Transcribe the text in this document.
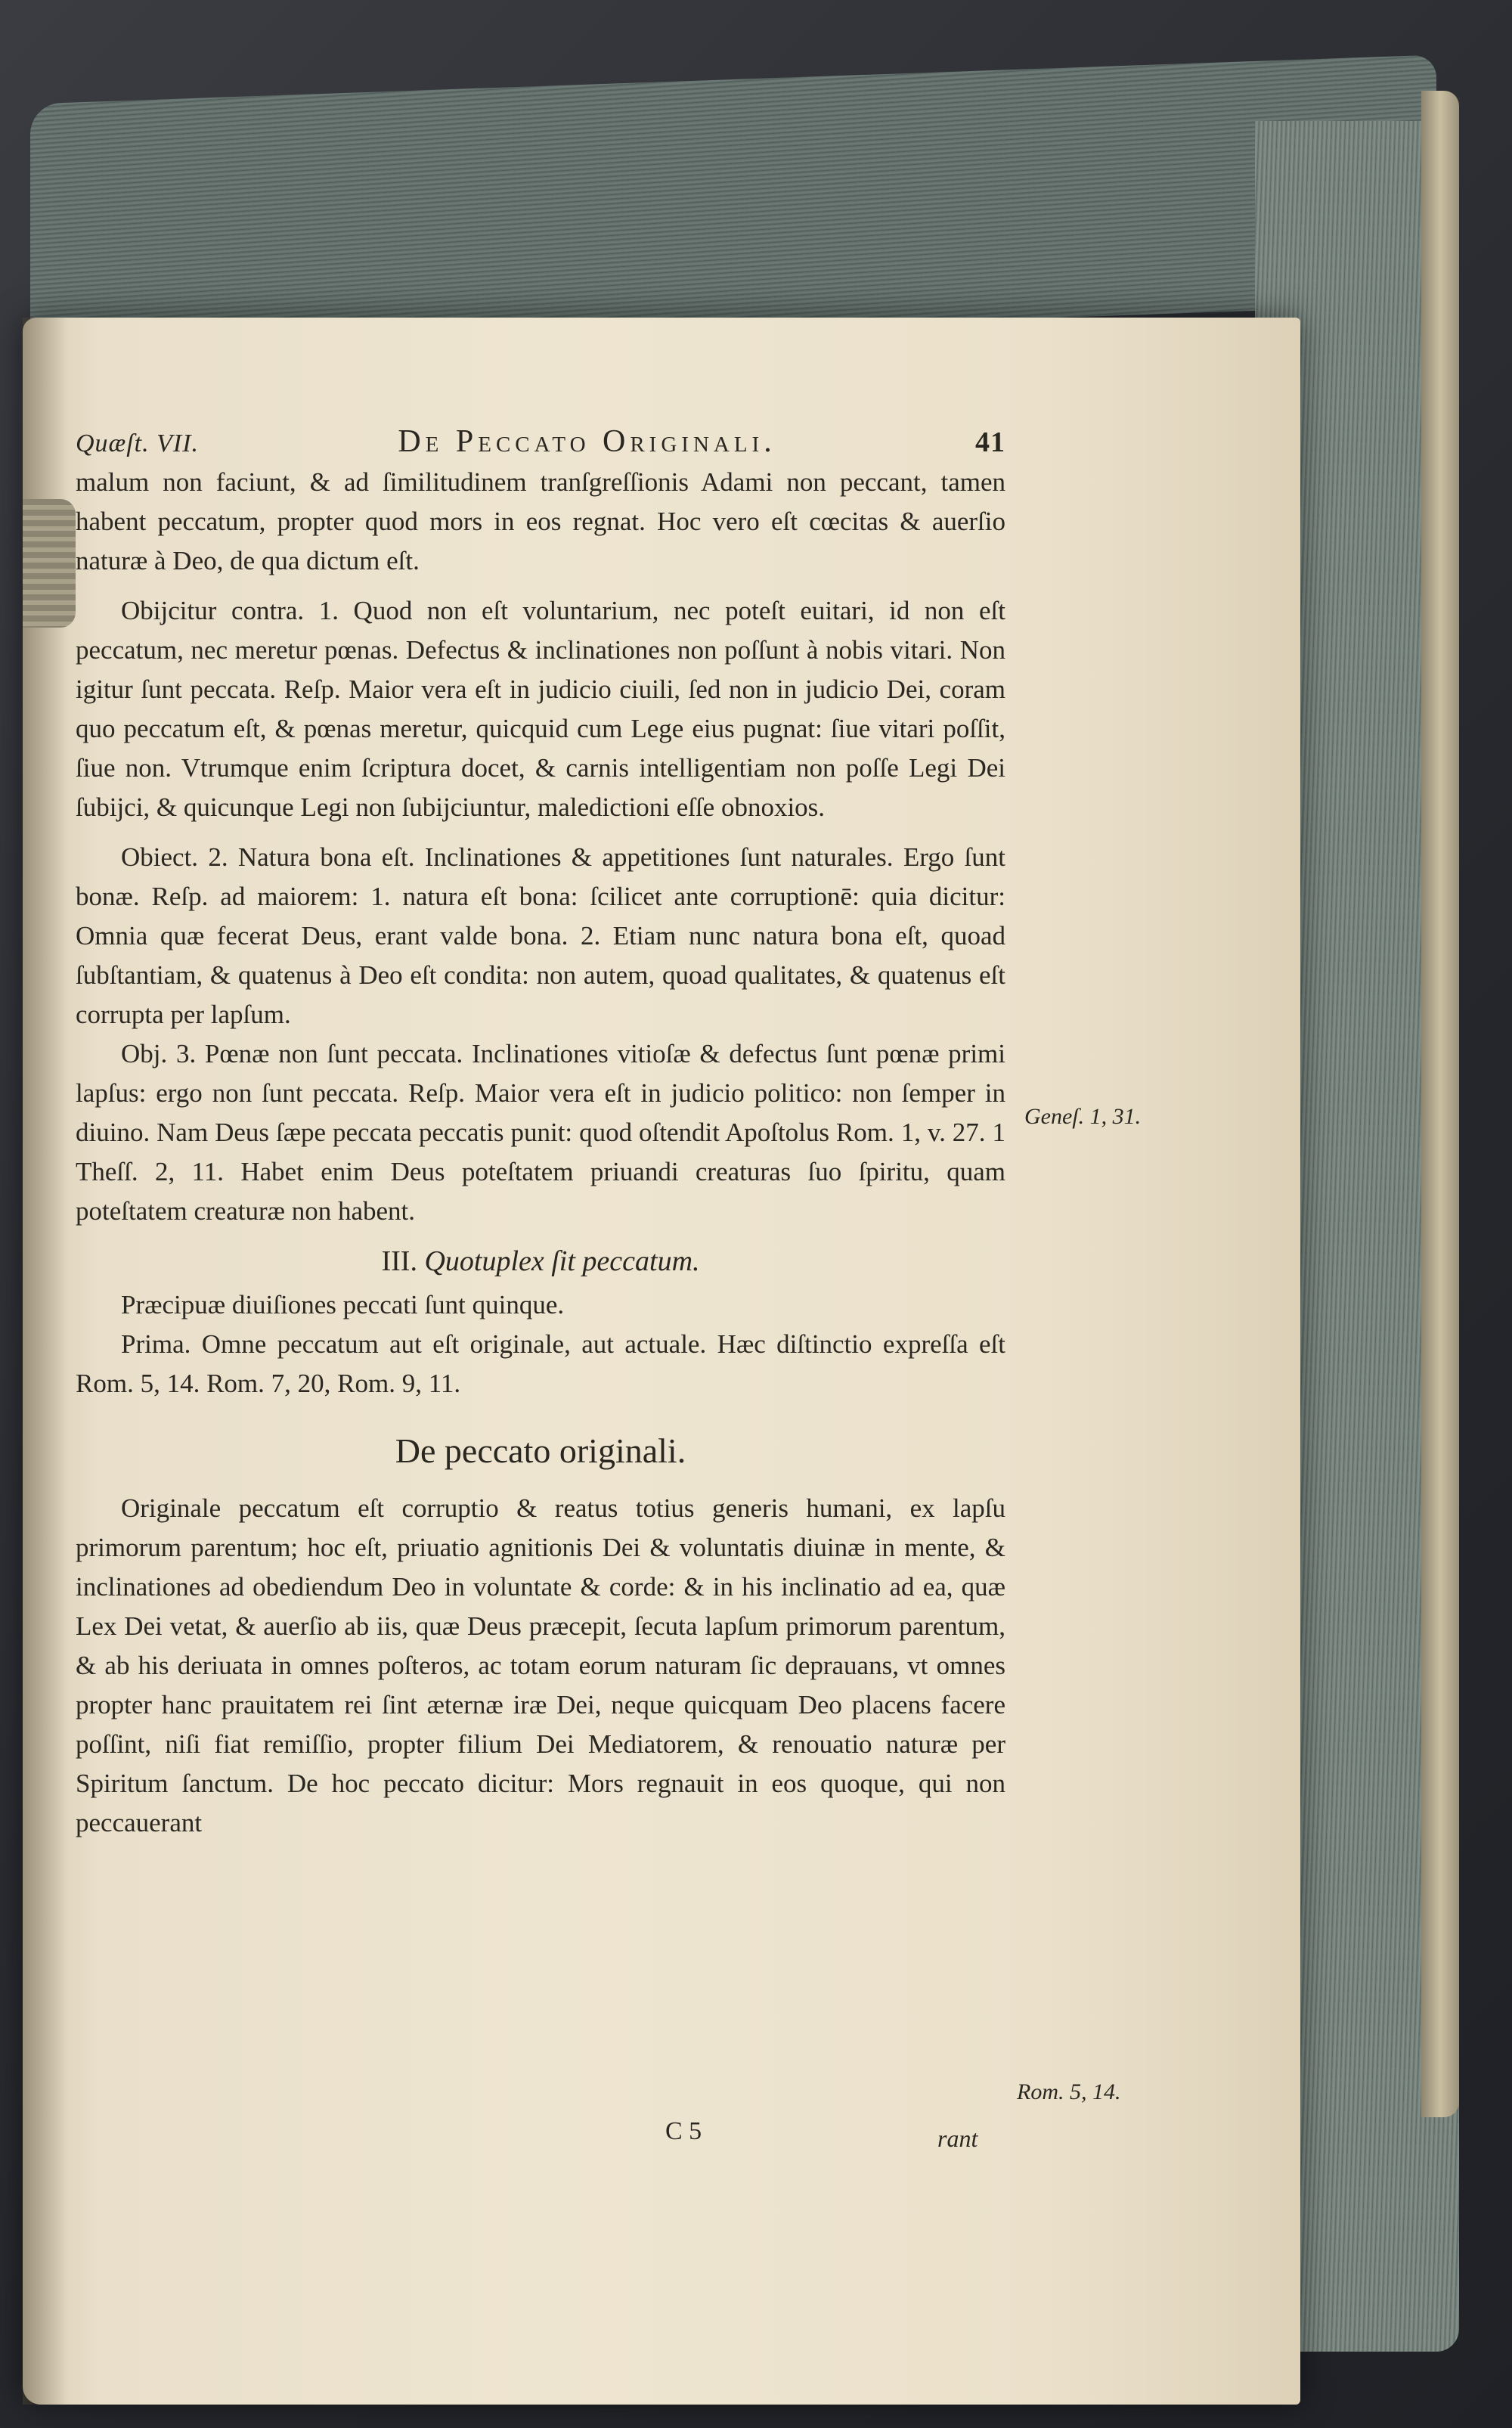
Quæſt. VII.	De Peccato Originali.	41

malum non faciunt, & ad ſimilitudinem tranſgreſſionis Adami non peccant, tamen habent peccatum, propter quod mors in eos regnat. Hoc vero eſt cœcitas & auerſio naturæ à Deo, de qua dictum eſt.

Obijcitur contra. 1. Quod non eſt voluntarium, nec poteſt euitari, id non eſt peccatum, nec meretur pœnas. Defectus & inclinationes non poſſunt à nobis vitari. Non igitur ſunt peccata. Reſp. Maior vera eſt in judicio ciuili, ſed non in judicio Dei, coram quo peccatum eſt, & pœnas meretur, quicquid cum Lege eius pugnat: ſiue vitari poſſit, ſiue non. Vtrumque enim ſcriptura docet, & carnis intelligentiam non poſſe Legi Dei ſubijci, & quicunque Legi non ſubijciuntur, maledictioni eſſe obnoxios.

Obiect. 2. Natura bona eſt. Inclinationes & appetitiones ſunt naturales. Ergo ſunt bonæ. Reſp. ad maiorem: 1. natura eſt bona: ſcilicet ante corruptionē: quia dicitur: Omnia quæ fecerat Deus, erant valde bona. 2. Etiam nunc natura bona eſt, quoad ſubſtantiam, & quatenus à Deo eſt condita: non autem, quoad qualitates, & quatenus eſt corrupta per lapſum.

Obj. 3. Pœnæ non ſunt peccata. Inclinationes vitioſæ & defectus ſunt pœnæ primi lapſus: ergo non ſunt peccata. Reſp. Maior vera eſt in judicio politico: non ſemper in diuino. Nam Deus ſæpe peccata peccatis punit: quod oſtendit Apoſtolus Rom. 1, v. 27. 1 Theſſ. 2, 11. Habet enim Deus poteſtatem priuandi creaturas ſuo ſpiritu, quam poteſtatem creaturæ non habent.

III. Quotuplex ſit peccatum.

Præcipuæ diuiſiones peccati ſunt quinque.

Prima. Omne peccatum aut eſt originale, aut actuale. Hæc diſtinctio expreſſa eſt Rom. 5, 14. Rom. 7, 20, Rom. 9, 11.

De peccato originali.

Originale peccatum eſt corruptio & reatus totius generis humani, ex lapſu primorum parentum; hoc eſt, priuatio agnitionis Dei & voluntatis diuinæ in mente, & inclinationes ad obediendum Deo in voluntate & corde: & in his inclinatio ad ea, quæ Lex Dei vetat, & auerſio ab iis, quæ Deus præcepit, ſecuta lapſum primorum parentum, & ab his deriuata in omnes poſteros, ac totam eorum naturam ſic deprauans, vt omnes propter hanc prauitatem rei ſint æternæ iræ Dei, neque quicquam Deo placens facere poſſint, niſi fiat remiſſio, propter filium Dei Mediatorem, & renouatio naturæ per Spiritum ſanctum. De hoc peccato dicitur: Mors regnauit in eos quoque, qui non peccauerant

Geneſ. 1, 31.
Rom. 5, 14.
C 5	rant
